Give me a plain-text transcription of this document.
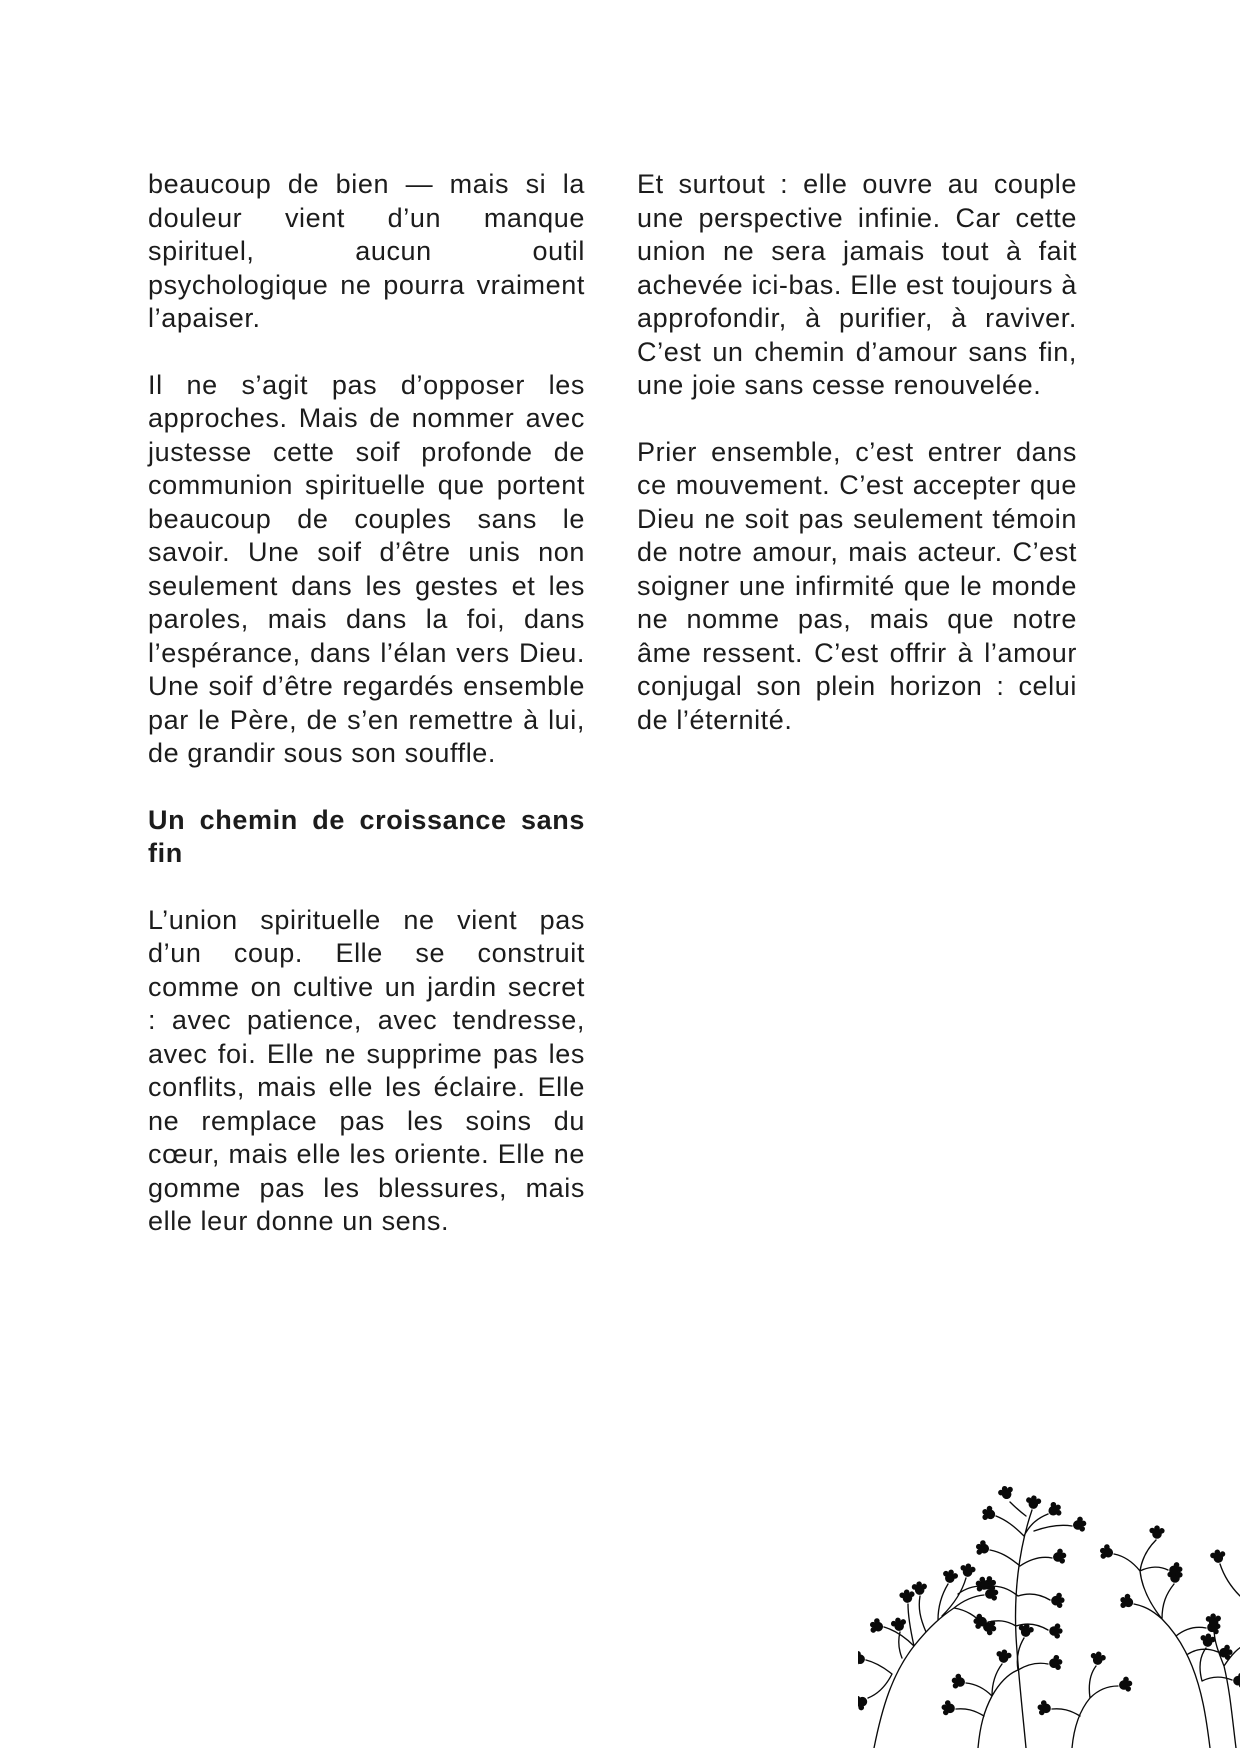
beaucoup de bien — mais si la douleur vient d’un manque spirituel, aucun outil psychologique ne pourra vraiment l’apaiser.

Il ne s’agit pas d’opposer les approches. Mais de nommer avec justesse cette soif profonde de communion spirituelle que portent beaucoup de couples sans le savoir. Une soif d’être unis non seulement dans les gestes et les paroles, mais dans la foi, dans l’espérance, dans l’élan vers Dieu. Une soif d’être regardés ensemble par le Père, de s’en remettre à lui, de grandir sous son souffle.

Un chemin de croissance sans fin

L’union spirituelle ne vient pas d’un coup. Elle se construit comme on cultive un jardin secret : avec patience, avec tendresse, avec foi. Elle ne supprime pas les conflits, mais elle les éclaire. Elle ne remplace pas les soins du cœur, mais elle les oriente. Elle ne gomme pas les blessures, mais elle leur donne un sens.

Et surtout : elle ouvre au couple une perspective infinie. Car cette union ne sera jamais tout à fait achevée ici-bas. Elle est toujours à approfondir, à purifier, à raviver. C’est un chemin d’amour sans fin, une joie sans cesse renouvelée.

Prier ensemble, c’est entrer dans ce mouvement. C’est accepter que Dieu ne soit pas seulement témoin de notre amour, mais acteur. C’est soigner une infirmité que le monde ne nomme pas, mais que notre âme ressent. C’est offrir à l’amour conjugal son plein horizon : celui de l’éternité.
